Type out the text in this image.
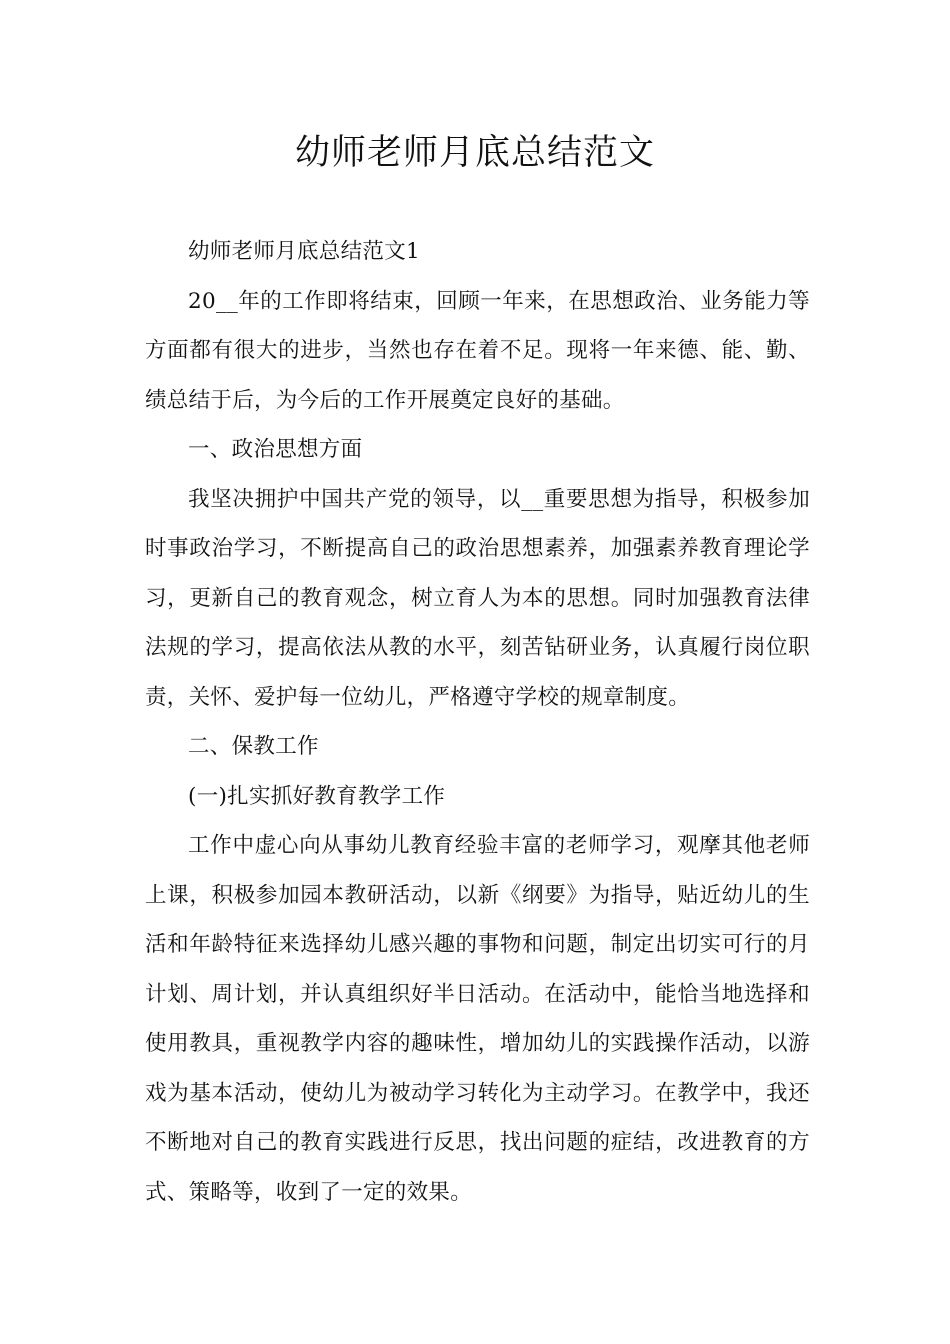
幼师老师月底总结范文

幼师老师月底总结范文1

20__年的工作即将结束，回顾一年来，在思想政治、业务能力等方面都有很大的进步，当然也存在着不足。现将一年来德、能、勤、绩总结于后，为今后的工作开展奠定良好的基础。

一、政治思想方面

我坚决拥护中国共产党的领导，以__重要思想为指导，积极参加时事政治学习，不断提高自己的政治思想素养，加强素养教育理论学习，更新自己的教育观念，树立育人为本的思想。同时加强教育法律法规的学习，提高依法从教的水平，刻苦钻研业务，认真履行岗位职责，关怀、爱护每一位幼儿，严格遵守学校的规章制度。

二、保教工作

(一)扎实抓好教育教学工作

工作中虚心向从事幼儿教育经验丰富的老师学习，观摩其他老师上课，积极参加园本教研活动，以新《纲要》为指导，贴近幼儿的生活和年龄特征来选择幼儿感兴趣的事物和问题，制定出切实可行的月计划、周计划，并认真组织好半日活动。在活动中，能恰当地选择和使用教具，重视教学内容的趣味性，增加幼儿的实践操作活动，以游戏为基本活动，使幼儿为被动学习转化为主动学习。在教学中，我还不断地对自己的教育实践进行反思，找出问题的症结，改进教育的方式、策略等，收到了一定的效果。
